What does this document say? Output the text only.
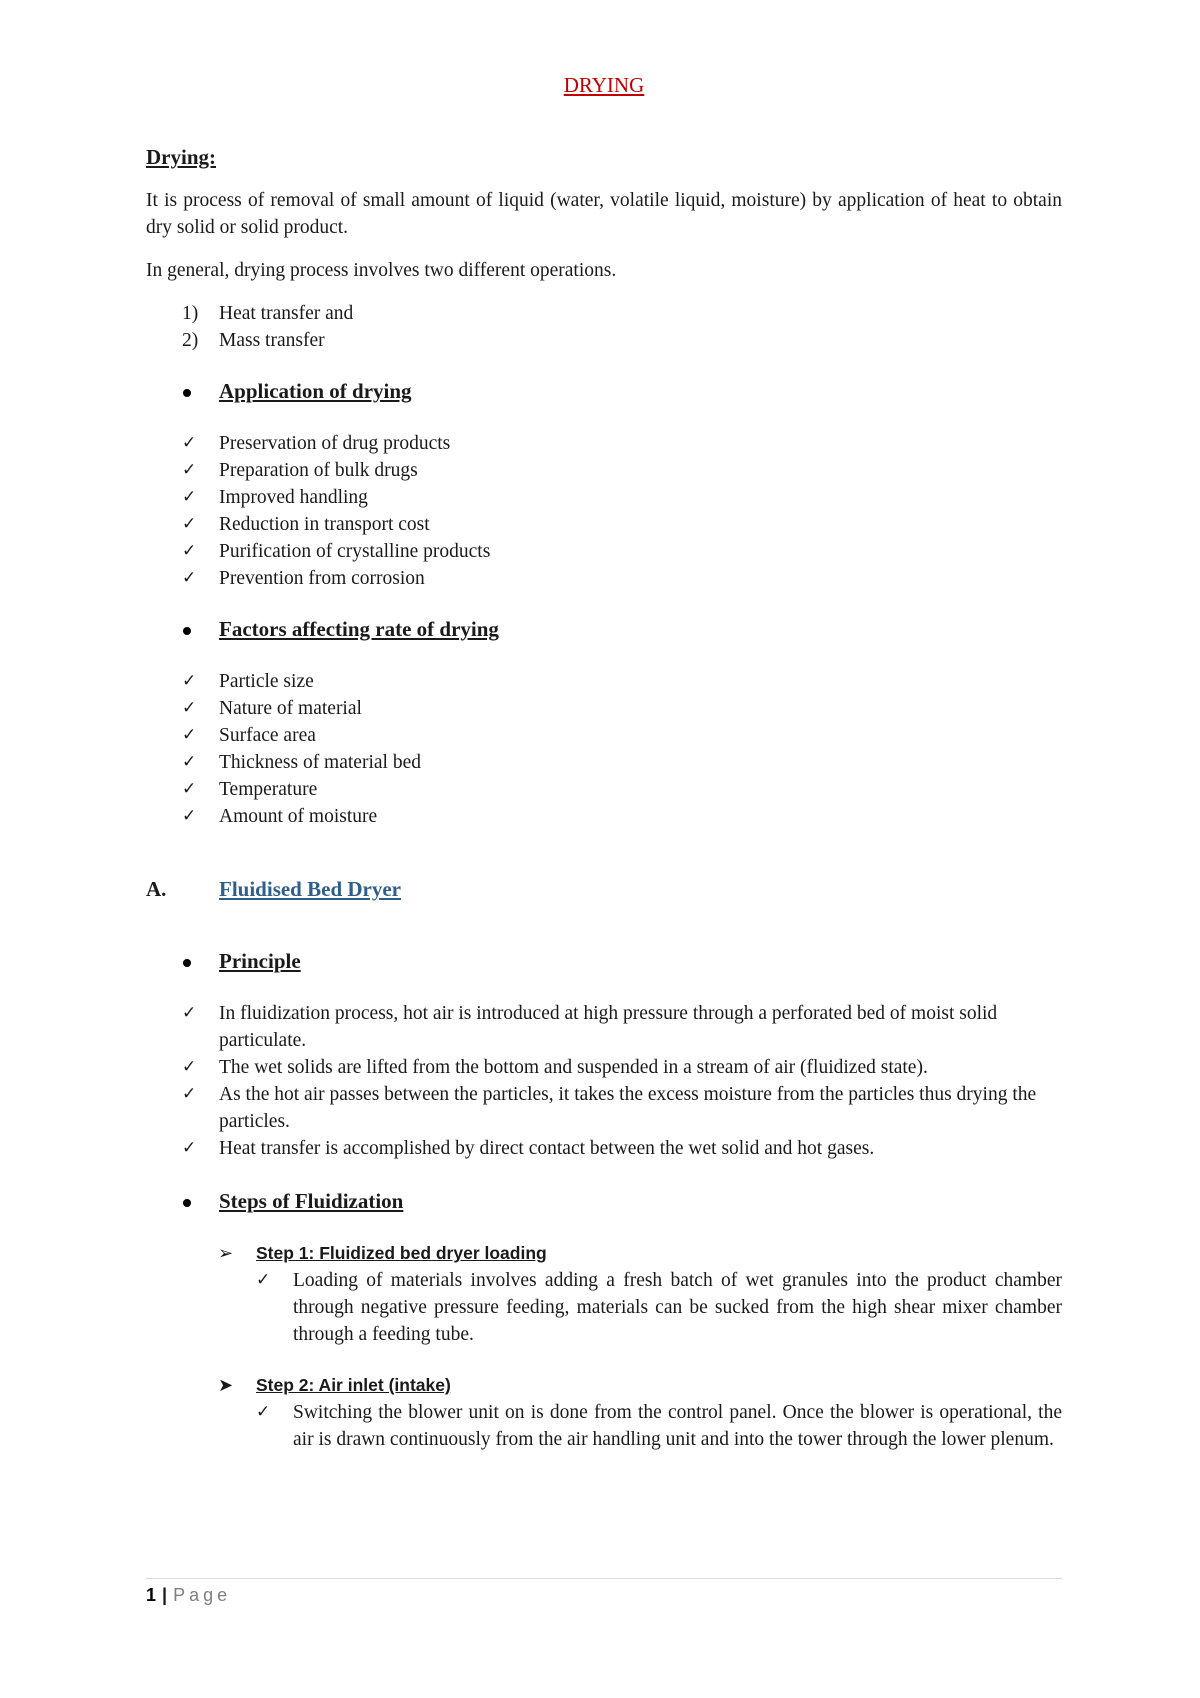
DRYING
Drying:

It is process of removal of small amount of liquid (water, volatile liquid, moisture) by application of heat to obtain dry solid or solid product.

In general, drying process involves two different operations.

1) Heat transfer and
2) Mass transfer
Application of drying
✓ Preservation of drug products
✓ Preparation of bulk drugs
✓ Improved handling
✓ Reduction in transport cost
✓ Purification of crystalline products
✓ Prevention from corrosion
Factors affecting rate of drying
✓ Particle size
✓ Nature of material
✓ Surface area
✓ Thickness of material bed
✓ Temperature
✓ Amount of moisture
A.	Fluidised Bed Dryer
Principle
✓ In fluidization process, hot air is introduced at high pressure through a perforated bed of moist solid particulate.
✓ The wet solids are lifted from the bottom and suspended in a stream of air (fluidized state).
✓ As the hot air passes between the particles, it takes the excess moisture from the particles thus drying the particles.
✓ Heat transfer is accomplished by direct contact between the wet solid and hot gases.
Steps of Fluidization
➢ Step 1: Fluidized bed dryer loading
✓ Loading of materials involves adding a fresh batch of wet granules into the product chamber through negative pressure feeding, materials can be sucked from the high shear mixer chamber through a feeding tube.
➤ Step 2: Air inlet (intake)
✓ Switching the blower unit on is done from the control panel. Once the blower is operational, the air is drawn continuously from the air handling unit and into the tower through the lower plenum.
1 | Page
